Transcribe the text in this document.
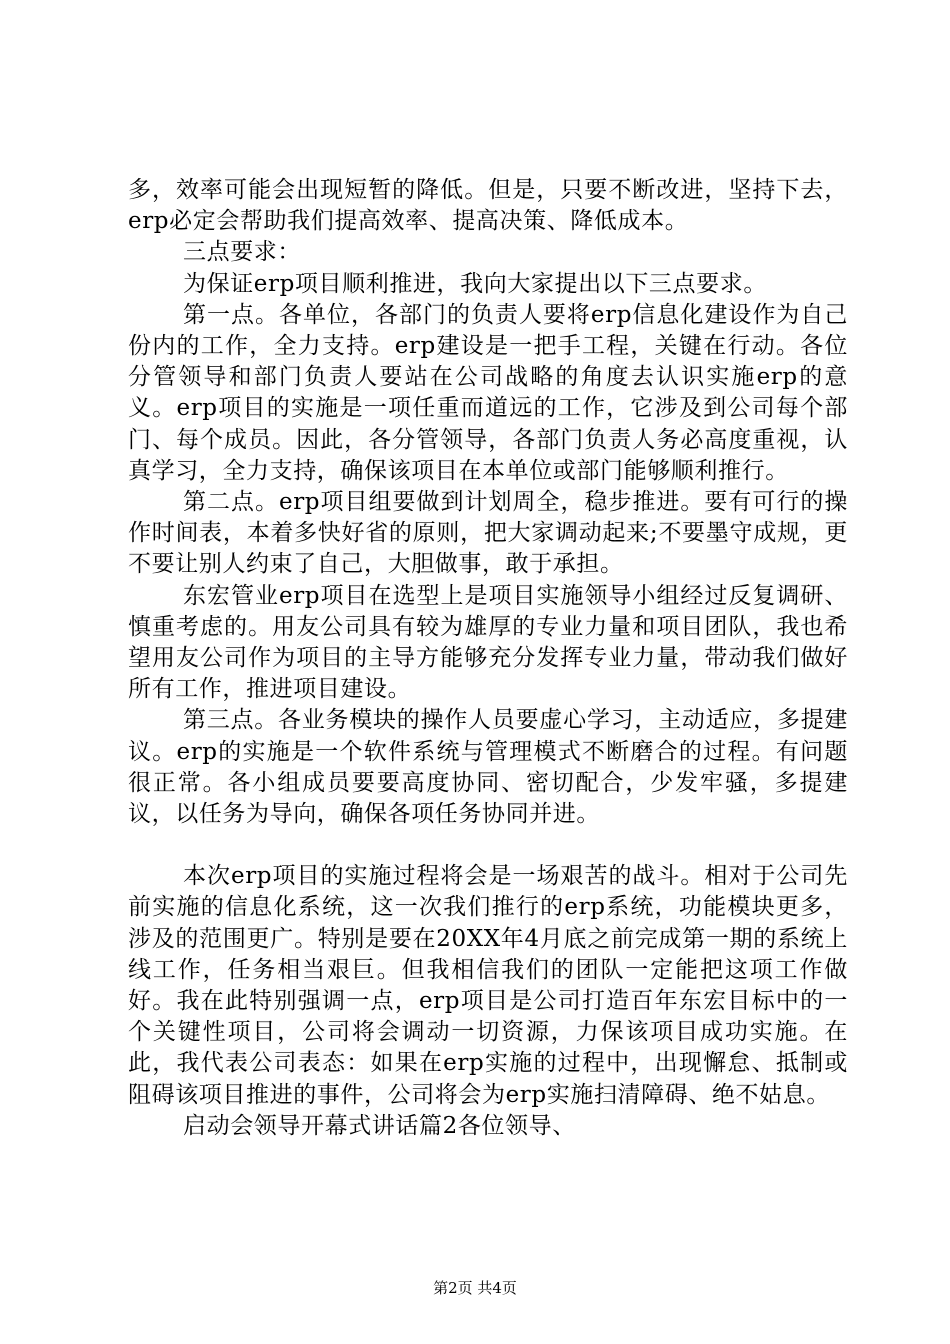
多，效率可能会出现短暂的降低。但是，只要不断改进，坚持下去，erp必定会帮助我们提高效率、提高决策、降低成本。

三点要求：

为保证erp项目顺利推进，我向大家提出以下三点要求。

第一点。各单位，各部门的负责人要将erp信息化建设作为自己份内的工作，全力支持。erp建设是一把手工程，关键在行动。各位分管领导和部门负责人要站在公司战略的角度去认识实施erp的意义。erp项目的实施是一项任重而道远的工作，它涉及到公司每个部门、每个成员。因此，各分管领导，各部门负责人务必高度重视，认真学习，全力支持，确保该项目在本单位或部门能够顺利推行。

第二点。erp项目组要做到计划周全，稳步推进。要有可行的操作时间表，本着多快好省的原则，把大家调动起来;不要墨守成规，更不要让别人约束了自己，大胆做事，敢于承担。

东宏管业erp项目在选型上是项目实施领导小组经过反复调研、慎重考虑的。用友公司具有较为雄厚的专业力量和项目团队，我也希望用友公司作为项目的主导方能够充分发挥专业力量，带动我们做好所有工作，推进项目建设。

第三点。各业务模块的操作人员要虚心学习，主动适应，多提建议。erp的实施是一个软件系统与管理模式不断磨合的过程。有问题很正常。各小组成员要要高度协同、密切配合，少发牢骚，多提建议，以任务为导向，确保各项任务协同并进。

本次erp项目的实施过程将会是一场艰苦的战斗。相对于公司先前实施的信息化系统，这一次我们推行的erp系统，功能模块更多，涉及的范围更广。特别是要在20XX年4月底之前完成第一期的系统上线工作，任务相当艰巨。但我相信我们的团队一定能把这项工作做好。我在此特别强调一点，erp项目是公司打造百年东宏目标中的一个关键性项目，公司将会调动一切资源，力保该项目成功实施。在此，我代表公司表态：如果在erp实施的过程中，出现懈怠、抵制或阻碍该项目推进的事件，公司将会为erp实施扫清障碍、绝不姑息。

启动会领导开幕式讲话篇2各位领导、

第2页 共4页
